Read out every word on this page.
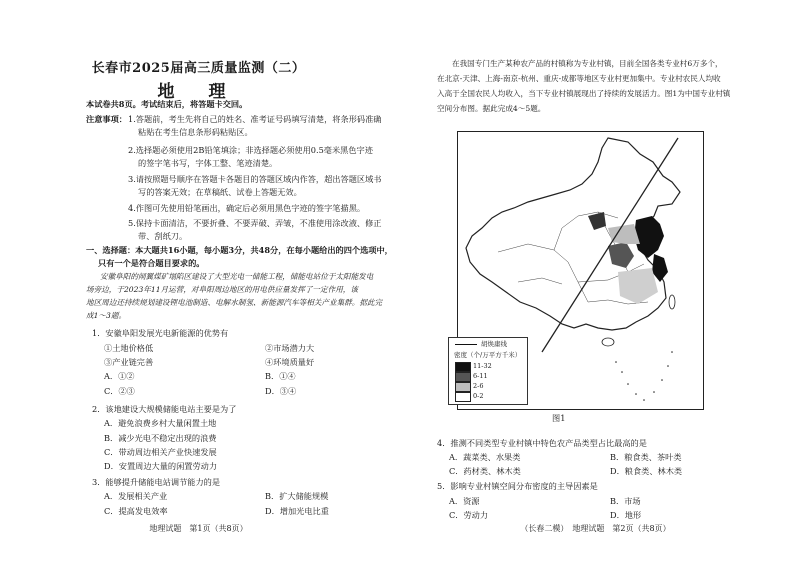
长春市2025届高三质量监测（二）
地 理
本试卷共8页。考试结束后，将答题卡交回。
注意事项： 1.答题前，考生先将自己的姓名、准考证号码填写清楚，将条形码准确
粘贴在考生信息条形码粘贴区。
2.选择题必须使用2B铅笔填涂；非选择题必须使用0.5毫米黑色字迹
的签字笔书写，字体工整、笔迹清楚。
3.请按照题号顺序在答题卡各题目的答题区域内作答，超出答题区域书
写的答案无效；在草稿纸、试卷上答题无效。
4.作图可先使用铅笔画出，确定后必须用黑色字迹的签字笔描黑。
5.保持卡面清洁，不要折叠、不要弄破、弄皱，不准使用涂改液、修正
带、刮纸刀。
一、选择题：本大题共16小题，每小题3分，共48分，在每小题给出的四个选项中，
只有一个是符合题目要求的。
安徽阜阳的闸翼煤矿塌陷区建设了大型光电一储能工程，储能电站位于太阳能发电
场旁边，于2023年11月运营，对阜阳周边地区的用电供应量发挥了一定作用，该
地区周边还持续规划建设锂电池制造、电解水制氢、新能源汽车等相关产业集群。据此完
成1～3题。
1．安徽阜阳发展光电新能源的优势有
①土地价格低	②市场潜力大
③产业链完善	④环境质量好
A．①②	B．①④
C．②③	D．③④
2．该地建设大规模储能电站主要是为了
A．避免浪费乡村大量闲置土地
B．减少光电不稳定出现的浪费
C．带动周边相关产业快速发展
D．安置周边大量的闲置劳动力
3．能够提升储能电站调节能力的是
A．发展相关产业	B．扩大储能规模
C．提高发电效率	D．增加光电比重
地理试题　第1页（共8页）
在我国专门生产某种农产品的村镇称为专业村镇，目前全国各类专业村6万多个，
在北京-天津、上海-南京-杭州、重庆-成都等地区专业村更加集中。专业村农民人均收
入高于全国农民人均收入，当下专业村镇展现出了持续的发展活力。图1为中国专业村镇
空间分布图。据此完成4～5题。
胡焕庸线
密度（个/万平方千米）
11-32
6-11
2-6
0-2
图1
4．推测不同类型专业村镇中特色农产品类型占比最高的是
A．蔬菜类、水果类	B．粮食类、茶叶类
C．药材类、林木类	D．粮食类、林木类
5．影响专业村镇空间分布密度的主导因素是
A．资源	B．市场
C．劳动力	D．地形
（长春二模）　地理试题　第2页（共8页）
